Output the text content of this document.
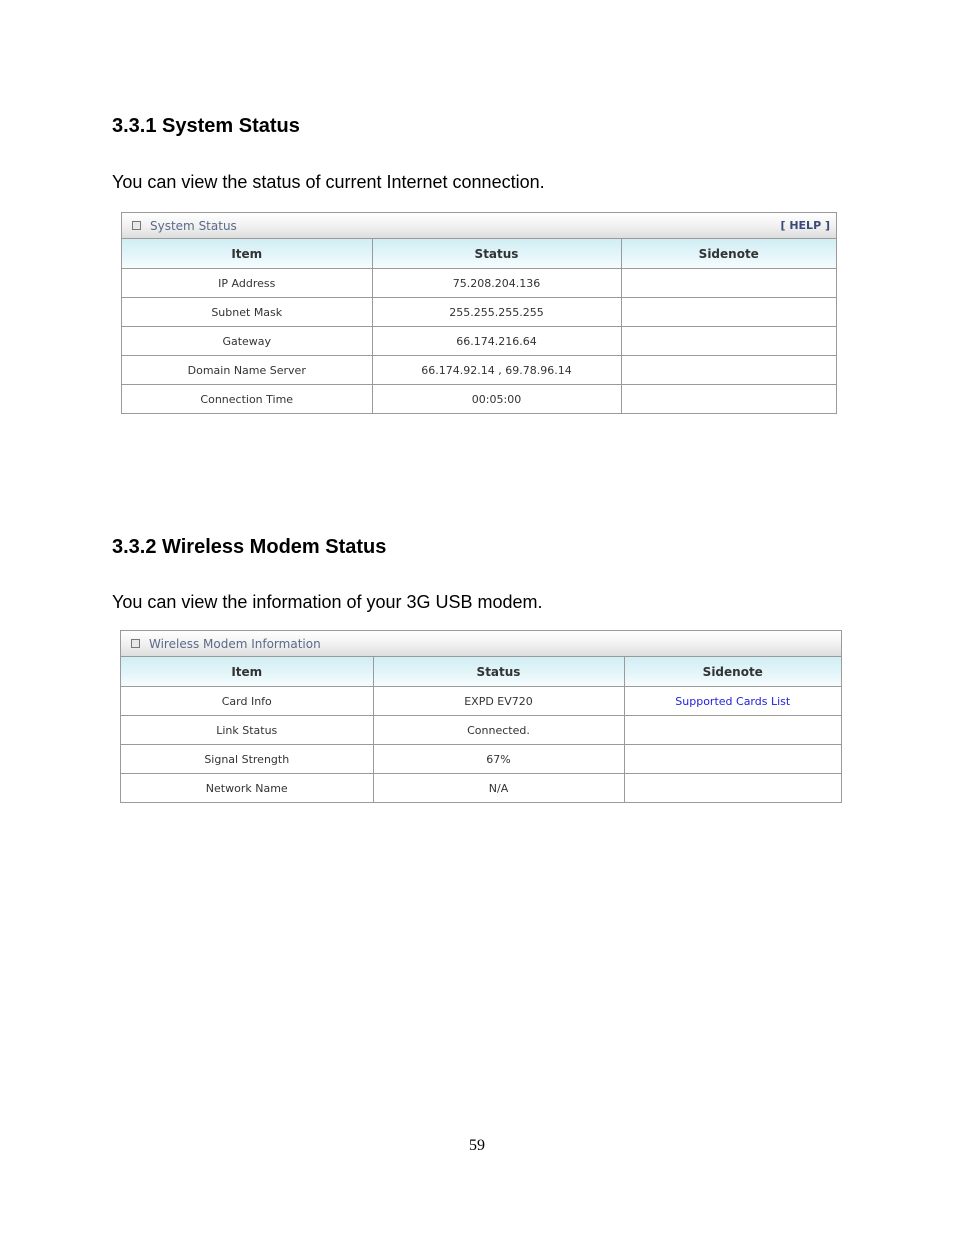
3.3.1 System Status

You can view the status of current Internet connection.

System Status	[ HELP ]
Item	Status	Sidenote
IP Address	75.208.204.136	
Subnet Mask	255.255.255.255	
Gateway	66.174.216.64	
Domain Name Server	66.174.92.14 , 69.78.96.14	
Connection Time	00:05:00	
3.3.2 Wireless Modem Status

You can view the information of your 3G USB modem.

Wireless Modem Information
Item	Status	Sidenote
Card Info	EXPD EV720	Supported Cards List
Link Status	Connected.	
Signal Strength	67%	
Network Name	N/A	
59
